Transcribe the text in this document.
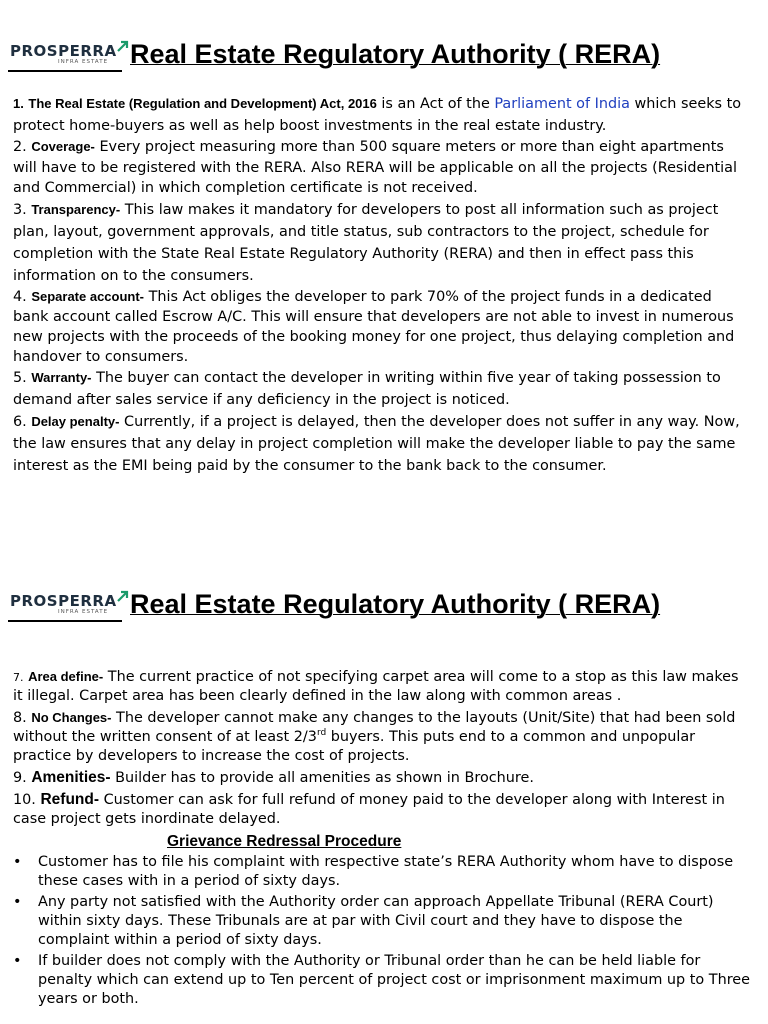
PROSPERRA
INFRA ESTATE Real Estate Regulatory Authority ( RERA)

1. The Real Estate (Regulation and Development) Act, 2016 is an Act of the Parliament of India which seeks to protect home-buyers as well as help boost investments in the real estate industry.

2. Coverage- Every project measuring more than 500 square meters or more than eight apartments will have to be registered with the RERA. Also RERA will be applicable on all the projects (Residential and Commercial) in which completion certificate is not received.

3. Transparency- This law makes it mandatory for developers to post all information such as project plan, layout, government approvals, and title status, sub contractors to the project, schedule for completion with the State Real Estate Regulatory Authority (RERA) and then in effect pass this information on to the consumers.

4. Separate account- This Act obliges the developer to park 70% of the project funds in a dedicated bank account called Escrow A/C. This will ensure that developers are not able to invest in numerous new projects with the proceeds of the booking money for one project, thus delaying completion and handover to consumers.

5. Warranty- The buyer can contact the developer in writing within five year of taking possession to demand after sales service if any deficiency in the project is noticed.

6. Delay penalty- Currently, if a project is delayed, then the developer does not suffer in any way. Now, the law ensures that any delay in project completion will make the developer liable to pay the same interest as the EMI being paid by the consumer to the bank back to the consumer.

PROSPERRA
INFRA ESTATE Real Estate Regulatory Authority ( RERA)

7. Area define- The current practice of not specifying carpet area will come to a stop as this law makes it illegal. Carpet area has been clearly defined in the law along with common areas .

8. No Changes- The developer cannot make any changes to the layouts (Unit/Site) that had been sold without the written consent of at least 2/3rd buyers. This puts end to a common and unpopular practice by developers to increase the cost of projects.

9. Amenities- Builder has to provide all amenities as shown in Brochure.

10. Refund- Customer can ask for full refund of money paid to the developer along with Interest in case project gets inordinate delayed.

Grievance Redressal Procedure
• Customer has to file his complaint with respective state’s RERA Authority whom have to dispose these cases with in a period of sixty days.
• Any party not satisfied with the Authority order can approach Appellate Tribunal (RERA Court) within sixty days. These Tribunals are at par with Civil court and they have to dispose the complaint within a period of sixty days.
• If builder does not comply with the Authority or Tribunal order than he can be held liable for penalty which can extend up to Ten percent of project cost or imprisonment maximum up to Three years or both.
